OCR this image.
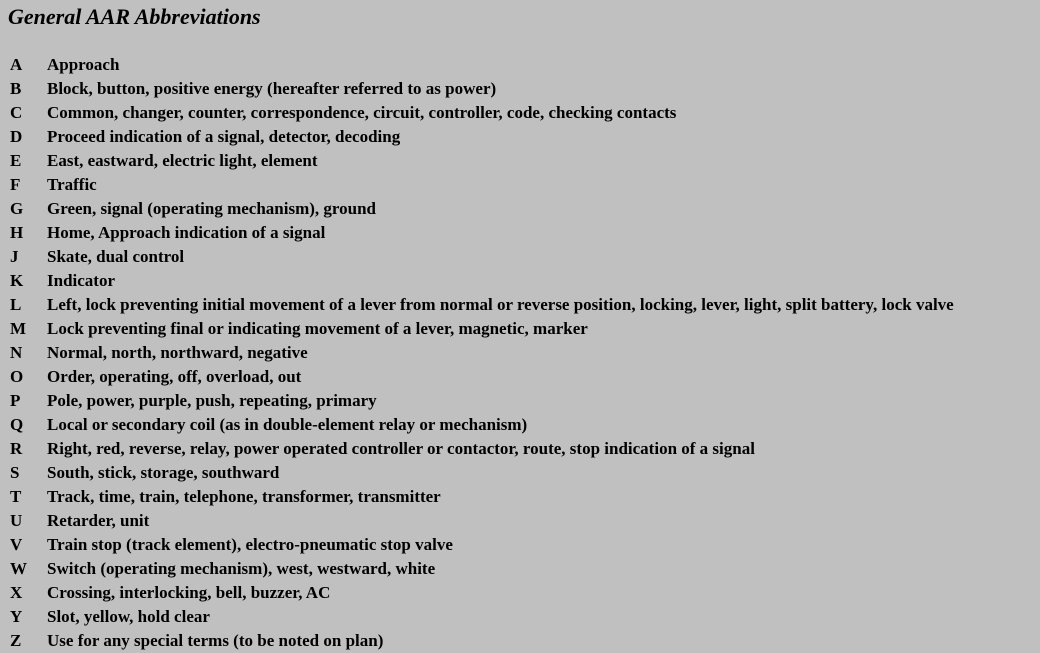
General AAR Abbreviations
A	Approach
B	Block, button, positive energy (hereafter referred to as power)
C	Common, changer, counter, correspondence, circuit, controller, code, checking contacts
D	Proceed indication of a signal, detector, decoding
E	East, eastward, electric light, element
F	Traffic
G	Green, signal (operating mechanism), ground
H	Home, Approach indication of a signal
J	Skate, dual control
K	Indicator
L	Left, lock preventing initial movement of a lever from normal or reverse position, locking, lever, light, split battery, lock valve
M	Lock preventing final or indicating movement of a lever, magnetic, marker
N	Normal, north, northward, negative
O	Order, operating, off, overload, out
P	Pole, power, purple, push, repeating, primary
Q	Local or secondary coil (as in double-element relay or mechanism)
R	Right, red, reverse, relay, power operated controller or contactor, route, stop indication of a signal
S	South, stick, storage, southward
T	Track, time, train, telephone, transformer, transmitter
U	Retarder, unit
V	Train stop (track element), electro-pneumatic stop valve
W	Switch (operating mechanism), west, westward, white
X	Crossing, interlocking, bell, buzzer, AC
Y	Slot, yellow, hold clear
Z	Use for any special terms (to be noted on plan)
